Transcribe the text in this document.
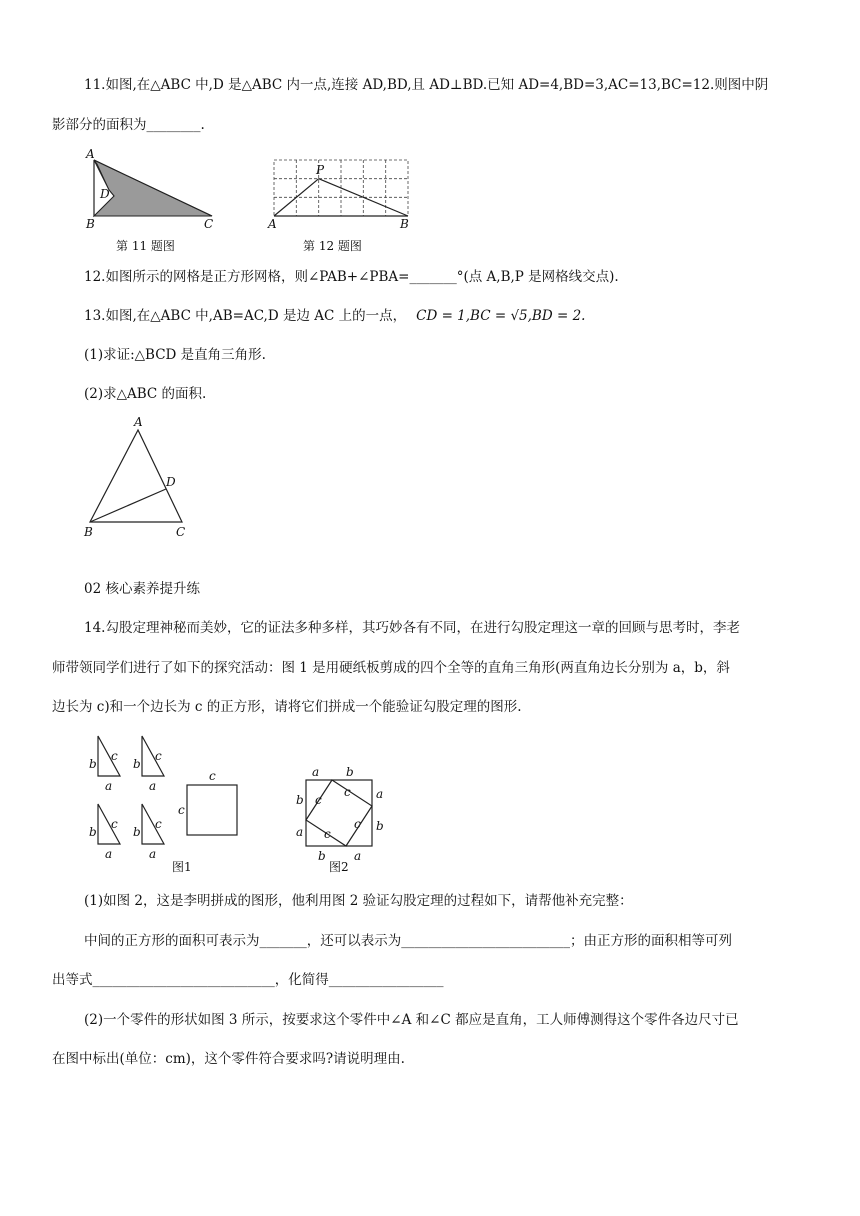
11.如图,在△ABC 中,D 是△ABC 内一点,连接 AD,BD,且 AD⊥BD.已知 AD=4,BD=3,AC=13,BC=12.则图中阴
影部分的面积为________.
A
D
B	C
第 11 题图
P
A	B
第 12 题图
12.如图所示的网格是正方形网格，则∠PAB+∠PBA=_______°(点 A,B,P 是网格线交点).
13.如图,在△ABC 中,AB=AC,D 是边 AC 上的一点， CD = 1,BC = √5,BD = 2.
(1)求证:△BCD 是直角三角形.
(2)求△ABC 的面积.
A
D
B	C
02 核心素养提升练
14.勾股定理神秘而美妙，它的证法多种多样，其巧妙各有不同，在进行勾股定理这一章的回顾与思考时，李老
师带领同学们进行了如下的探究活动：图 1 是用硬纸板剪成的四个全等的直角三角形(两直角边长分别为 a，b，斜
边长为 c)和一个边长为 c 的正方形，请将它们拼成一个能验证勾股定理的图形.
c
b
a
c
b
a
c
b
a
c
b
a
c
c
图1
a b
a
b
b
a
b a
c
c
c
c
图2
(1)如图 2，这是李明拼成的图形，他利用图 2 验证勾股定理的过程如下，请帮他补充完整：
中间的正方形的面积可表示为_______，还可以表示为_________________________；由正方形的面积相等可列
出等式___________________________，化简得_________________
(2)一个零件的形状如图 3 所示，按要求这个零件中∠A 和∠C 都应是直角，工人师傅测得这个零件各边尺寸已
在图中标出(单位：cm)，这个零件符合要求吗?请说明理由.
